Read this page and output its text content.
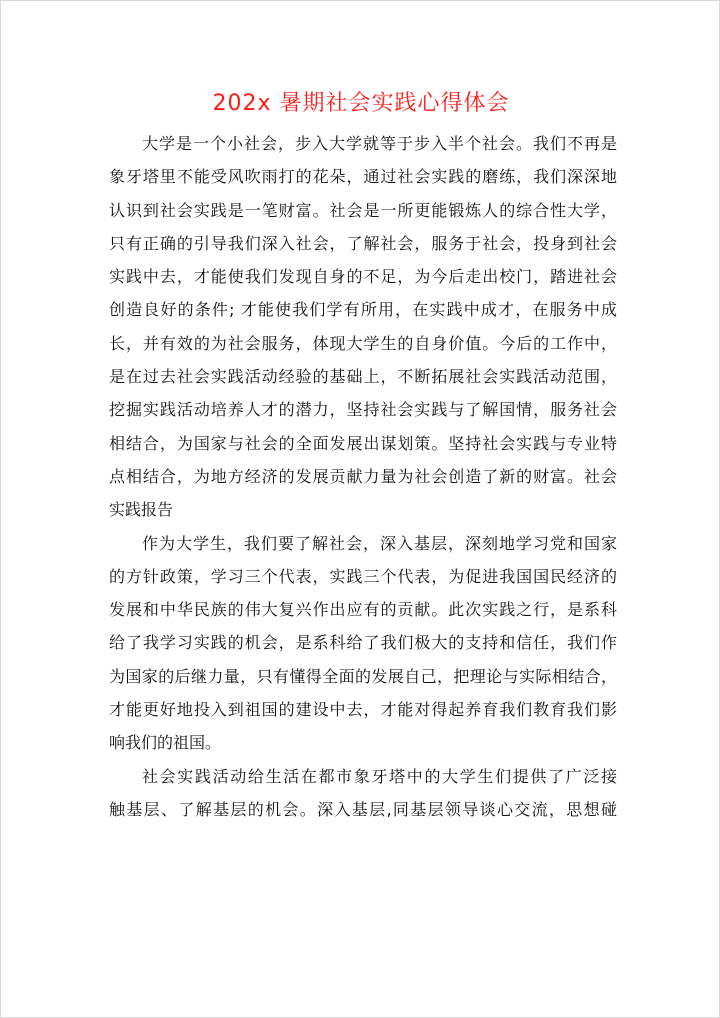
202x 暑期社会实践心得体会
大学是一个小社会，步入大学就等于步入半个社会。我们不再是
象牙塔里不能受风吹雨打的花朵，通过社会实践的磨练，我们深深地
认识到社会实践是一笔财富。社会是一所更能锻炼人的综合性大学，
只有正确的引导我们深入社会，了解社会，服务于社会，投身到社会
实践中去，才能使我们发现自身的不足，为今后走出校门，踏进社会
创造良好的条件; 才能使我们学有所用，在实践中成才，在服务中成
长，并有效的为社会服务，体现大学生的自身价值。今后的工作中，
是在过去社会实践活动经验的基础上，不断拓展社会实践活动范围，
挖掘实践活动培养人才的潜力，坚持社会实践与了解国情，服务社会
相结合，为国家与社会的全面发展出谋划策。坚持社会实践与专业特
点相结合，为地方经济的发展贡献力量为社会创造了新的财富。社会
实践报告
作为大学生，我们要了解社会，深入基层，深刻地学习党和国家
的方针政策，学习三个代表，实践三个代表，为促进我国国民经济的
发展和中华民族的伟大复兴作出应有的贡献。此次实践之行，是系科
给了我学习实践的机会，是系科给了我们极大的支持和信任，我们作
为国家的后继力量，只有懂得全面的发展自己，把理论与实际相结合，
才能更好地投入到祖国的建设中去，才能对得起养育我们教育我们影
响我们的祖国。
社会实践活动给生活在都市象牙塔中的大学生们提供了广泛接
触基层、了解基层的机会。深入基层,同基层领导谈心交流，思想碰
